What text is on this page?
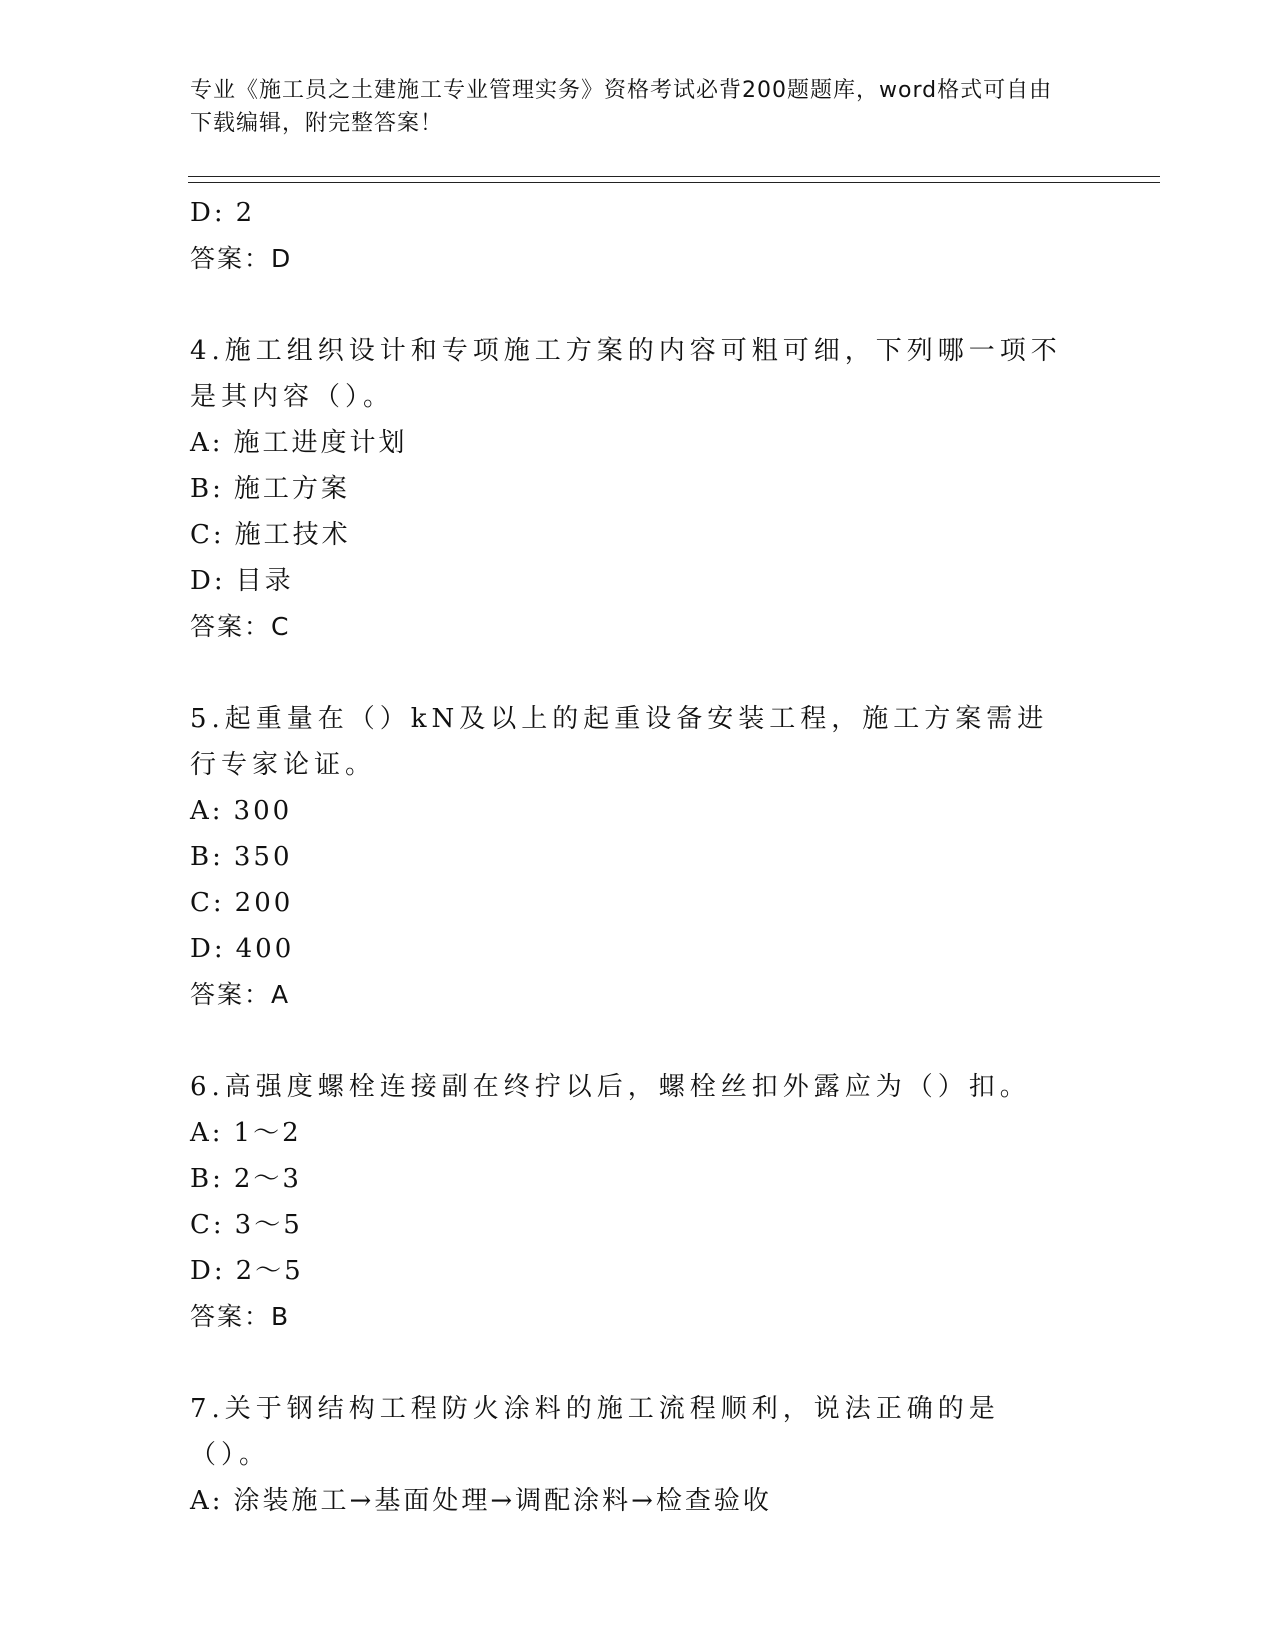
专业《施工员之土建施工专业管理实务》资格考试必背200题题库，word格式可自由下载编辑，附完整答案！
D: 2
答案：D
4.施工组织设计和专项施工方案的内容可粗可细，下列哪一项不是其内容（）。
A: 施工进度计划
B: 施工方案
C: 施工技术
D: 目录
答案：C
5.起重量在（）kN及以上的起重设备安装工程，施工方案需进行专家论证。
A: 300
B: 350
C: 200
D: 400
答案：A
6.高强度螺栓连接副在终拧以后，螺栓丝扣外露应为（）扣。
A: 1～2
B: 2～3
C: 3～5
D: 2～5
答案：B
7.关于钢结构工程防火涂料的施工流程顺利，说法正确的是（）。
A: 涂装施工→基面处理→调配涂料→检查验收
